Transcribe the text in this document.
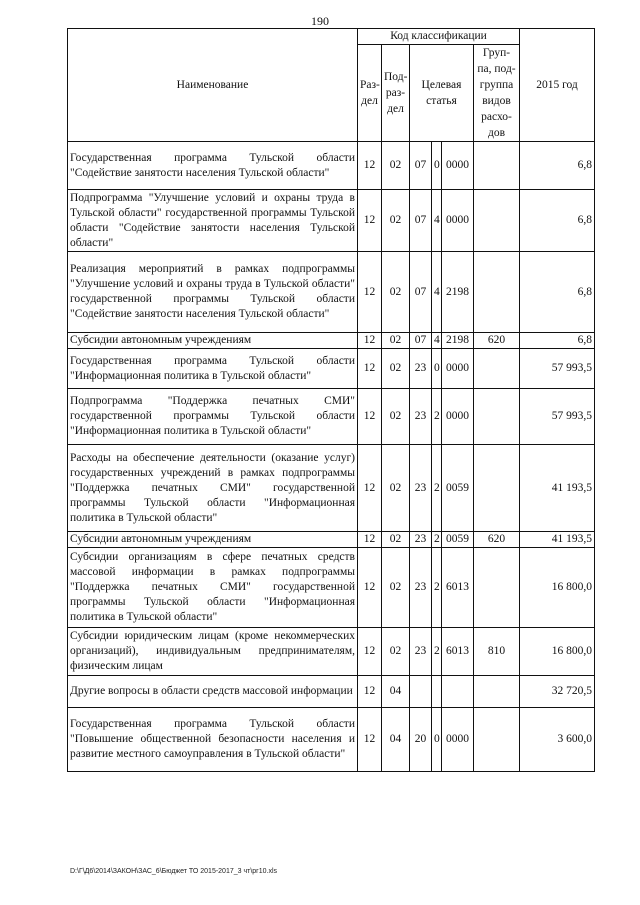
190
Наименование	Код классификации						2015 год
	Раз-дел	Под-раз-дел	Целевая статья			Груп-па, под-группа видов расхо-дов	
Государственная программа Тульской области "Содействие занятости населения Тульской области"	12	02	07	0	0000		6,8
Подпрограмма "Улучшение условий и охраны труда в Тульской области" государственной программы Тульской области "Содействие занятости населения Тульской области"	12	02	07	4	0000		6,8
Реализация мероприятий в рамках подпрограммы "Улучшение условий и охраны труда в Тульской области" государственной программы Тульской области "Содействие занятости населения Тульской области"	12	02	07	4	2198		6,8
Субсидии автономным учреждениям	12	02	07	4	2198	620	6,8
Государственная программа Тульской области "Информационная политика в Тульской области"	12	02	23	0	0000		57 993,5
Подпрограмма "Поддержка печатных СМИ" государственной программы Тульской области "Информационная политика в Тульской области"	12	02	23	2	0000		57 993,5
Расходы на обеспечение деятельности (оказание услуг) государственных учреждений в рамках подпрограммы "Поддержка печатных СМИ" государственной программы Тульской области "Информационная политика в Тульской области"	12	02	23	2	0059		41 193,5
Субсидии автономным учреждениям	12	02	23	2	0059	620	41 193,5
Субсидии организациям в сфере печатных средств массовой информации в рамках подпрограммы "Поддержка печатных СМИ" государственной программы Тульской области "Информационная политика в Тульской области"	12	02	23	2	6013		16 800,0
Субсидии юридическим лицам (кроме некоммерческих организаций), индивидуальным предпринимателям, физическим лицам	12	02	23	2	6013	810	16 800,0
Другие вопросы в области средств массовой информации	12	04					32 720,5
Государственная программа Тульской области "Повышение общественной безопасности населения и развитие местного самоуправления в Тульской области"	12	04	20	0	0000		3 600,0
D:\Г\Д6\2014\ЗАКОН\ЗАС_6\Бюджет ТО 2015-2017_3 чт\рг10.xls
